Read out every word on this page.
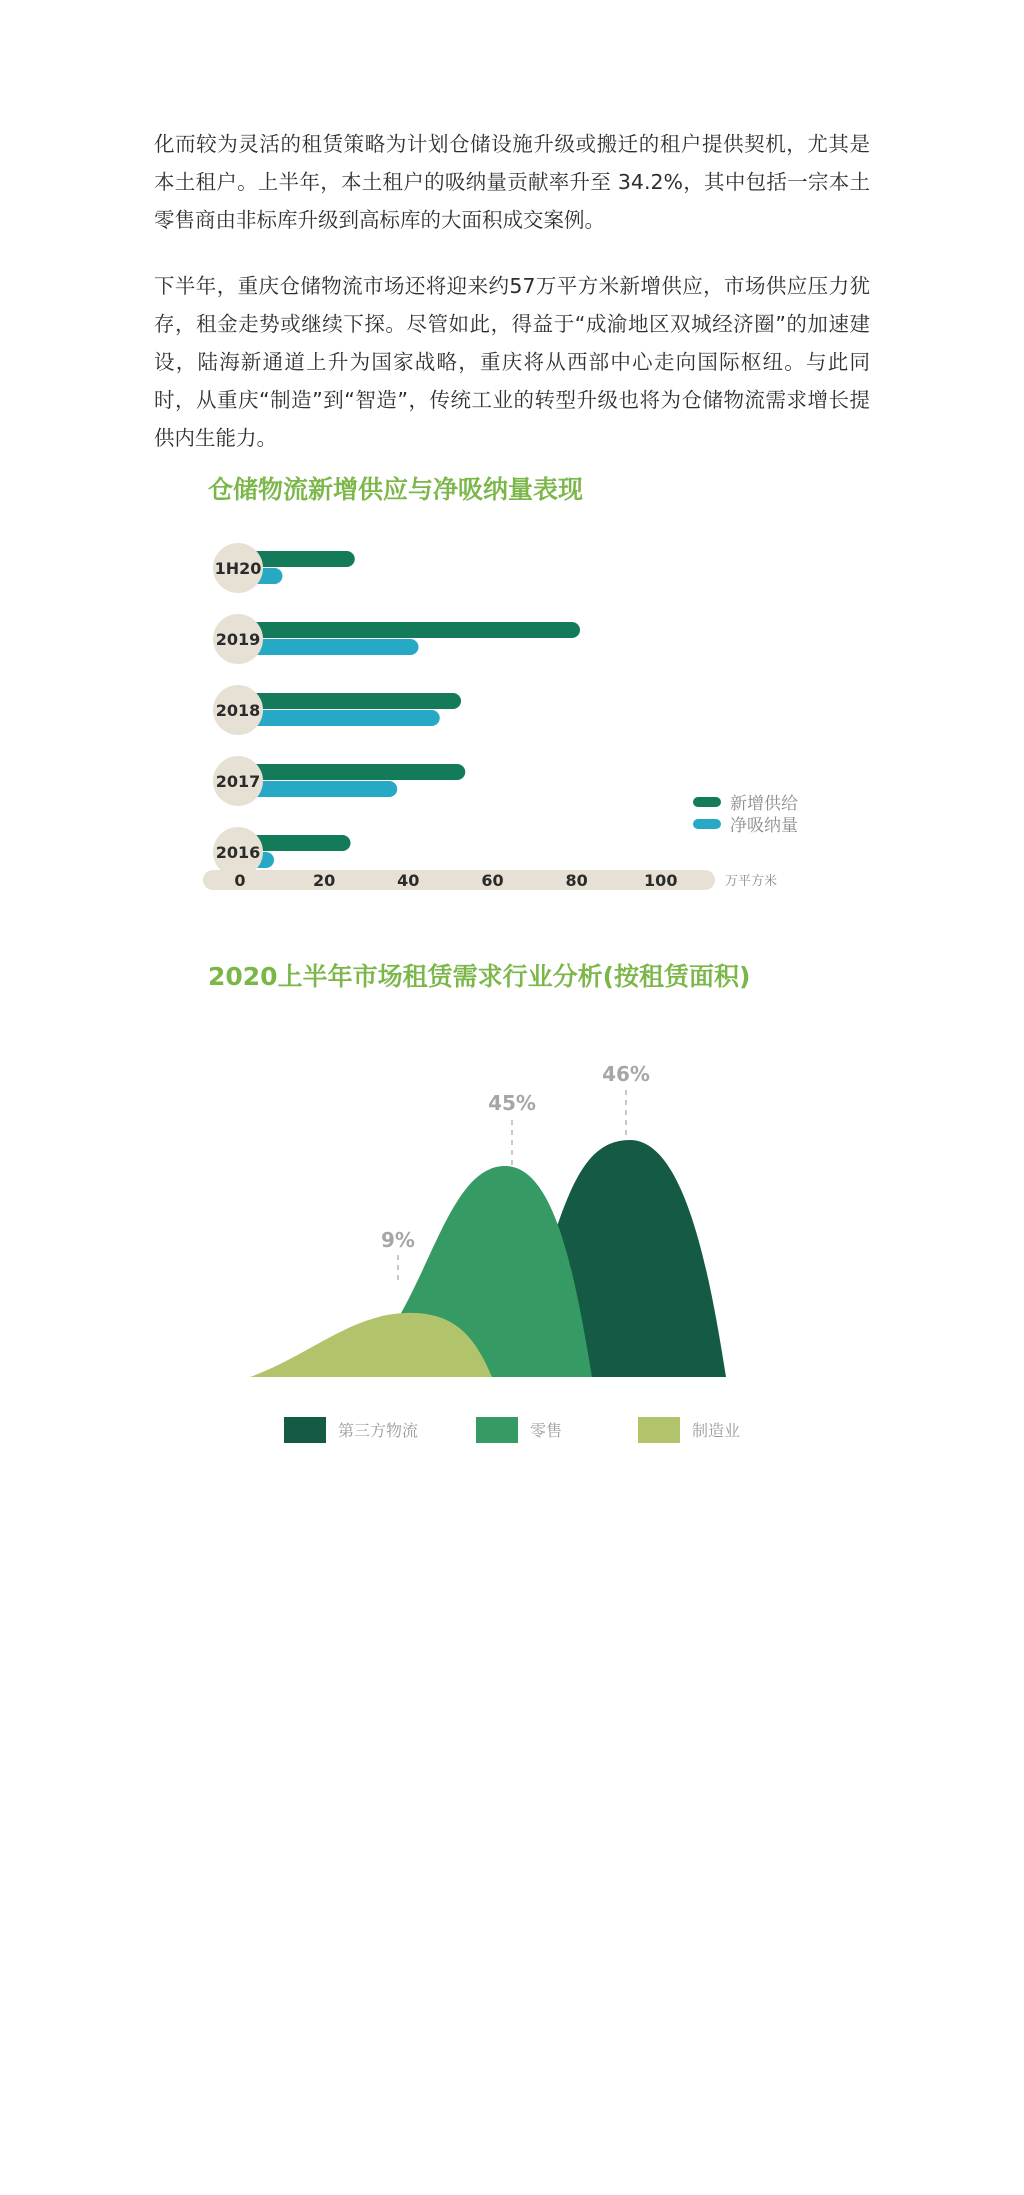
化而较为灵活的租赁策略为计划仓储设施升级或搬迁的租户提供契机，尤其是本土租户。上半年，本土租户的吸纳量贡献率升至 34.2%，其中包括一宗本土零售商由非标库升级到高标库的大面积成交案例。

下半年，重庆仓储物流市场还将迎来约57万平方米新增供应，市场供应压力犹存，租金走势或继续下探。尽管如此，得益于“成渝地区双城经济圈”的加速建设，陆海新通道上升为国家战略，重庆将从西部中心走向国际枢纽。与此同时，从重庆“制造”到“智造”，传统工业的转型升级也将为仓储物流需求增长提供内生能力。

仓储物流新增供应与净吸纳量表现
1H20
2019
2018
2017
2016
0	20	40	60	80	100	万平方米
新增供给
净吸纳量
2020上半年市场租赁需求行业分析(按租赁面积)
46%
45%
9%
第三方物流	零售	制造业
